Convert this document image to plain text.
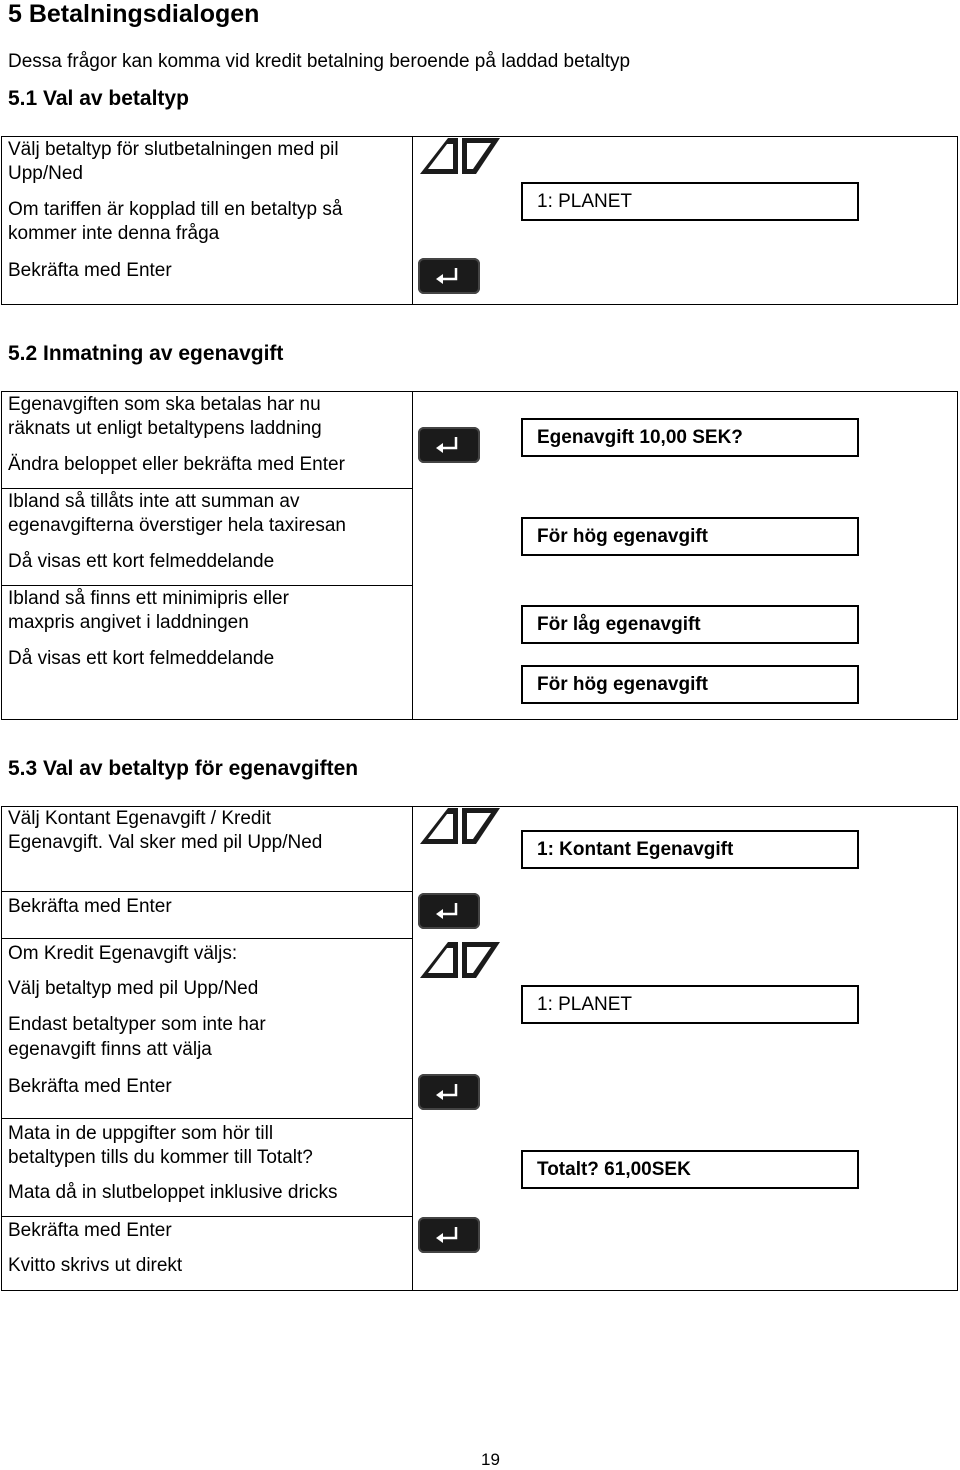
5 Betalningsdialogen
Dessa frågor kan komma vid kredit betalning beroende på laddad betaltyp
5.1 Val av betaltyp
Välj betaltyp för slutbetalningen med pil
Upp/Ned
Om tariffen är kopplad till en betaltyp så
kommer inte denna fråga
Bekräfta med Enter
1: PLANET
5.2 Inmatning av egenavgift
Egenavgiften som ska betalas har nu
räknats ut enligt betaltypens laddning
Ändra beloppet eller bekräfta med Enter
Ibland så tillåts inte att summan av
egenavgifterna överstiger hela taxiresan
Då visas ett kort felmeddelande
Ibland så finns ett minimipris eller
maxpris angivet i laddningen
Då visas ett kort felmeddelande
Egenavgift 10,00 SEK?
För hög egenavgift
För låg egenavgift
För hög egenavgift
5.3 Val av betaltyp för egenavgiften
Välj Kontant Egenavgift / Kredit
Egenavgift. Val sker med pil Upp/Ned
Bekräfta med Enter
Om Kredit Egenavgift väljs:
Välj betaltyp med pil Upp/Ned
Endast betaltyper som inte har
egenavgift finns att välja
Bekräfta med Enter
Mata in de uppgifter som hör till
betaltypen tills du kommer till Totalt?
Mata då in slutbeloppet inklusive dricks
Bekräfta med Enter
Kvitto skrivs ut direkt
1: Kontant Egenavgift
1: PLANET
Totalt? 61,00SEK
19
